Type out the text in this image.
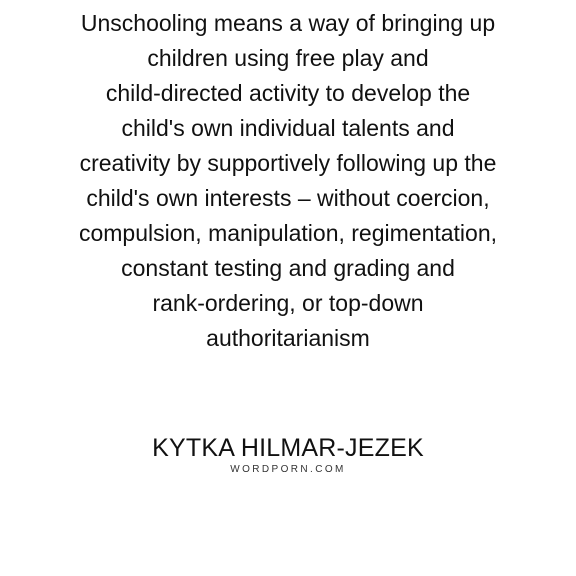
Unschooling means a way of bringing up
children using free play and
child-directed activity to develop the
child's own individual talents and
creativity by supportively following up the
child's own interests – without coercion,
compulsion, manipulation, regimentation,
constant testing and grading and
rank-ordering, or top-down
authoritarianism
KYTKA HILMAR-JEZEK
WORDPORN.COM
